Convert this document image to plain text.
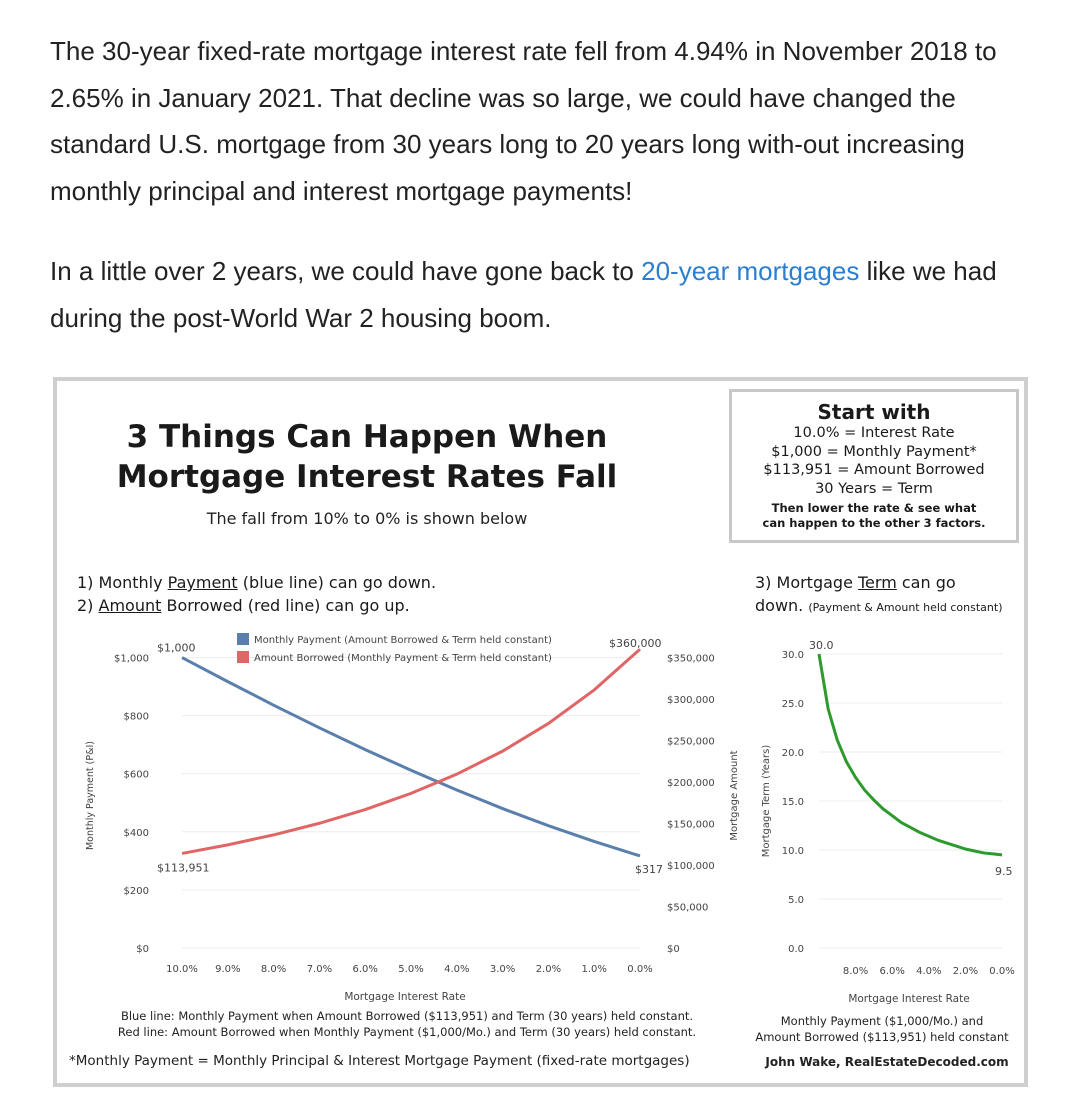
The 30-year fixed-rate mortgage interest rate fell from 4.94% in November 2018 to 2.65% in January 2021. That decline was so large, we could have changed the standard U.S. mortgage from 30 years long to 20 years long with-out increasing monthly principal and interest mortgage payments!

In a little over 2 years, we could have gone back to 20-year mortgages like we had during the post-World War 2 housing boom.

3 Things Can Happen When
Mortgage Interest Rates Fall
The fall from 10% to 0% is shown below
Start with
10.0% = Interest Rate
$1,000 = Monthly Payment*
$113,951 = Amount Borrowed
30 Years = Term
Then lower the rate & see what
can happen to the other 3 factors.
1) Monthly Payment (blue line) can go down.
2) Amount Borrowed (red line) can go up.
3) Mortgage Term can go
down. (Payment & Amount held constant)
$0
$200
$400
$600
$800
$1,000
$0
$50,000
$100,000
$150,000
$200,000
$250,000
$300,000
$350,000
10.0% 9.0% 8.0% 7.0% 6.0% 5.0% 4.0% 3.0% 2.0% 1.0% 0.0%
Mortgage Interest Rate
Monthly Payment (P&I)	Mortgage Amount
$1,000
$317
$113,951
$360,000
Monthly Payment (Amount Borrowed & Term held constant)
Amount Borrowed (Monthly Payment & Term held constant)
0.0
5.0
10.0
15.0
20.0
25.0
30.0
8.0% 6.0% 4.0% 2.0% 0.0%
Mortgage Interest Rate
Mortgage Term (Years)
30.0
9.5
Blue line: Monthly Payment when Amount Borrowed ($113,951) and Term (30 years) held constant.
Red line: Amount Borrowed when Monthly Payment ($1,000/Mo.) and Term (30 years) held constant.
Monthly Payment ($1,000/Mo.) and
Amount Borrowed ($113,951) held constant
*Monthly Payment = Monthly Principal & Interest Mortgage Payment (fixed-rate mortgages)	John Wake, RealEstateDecoded.com
